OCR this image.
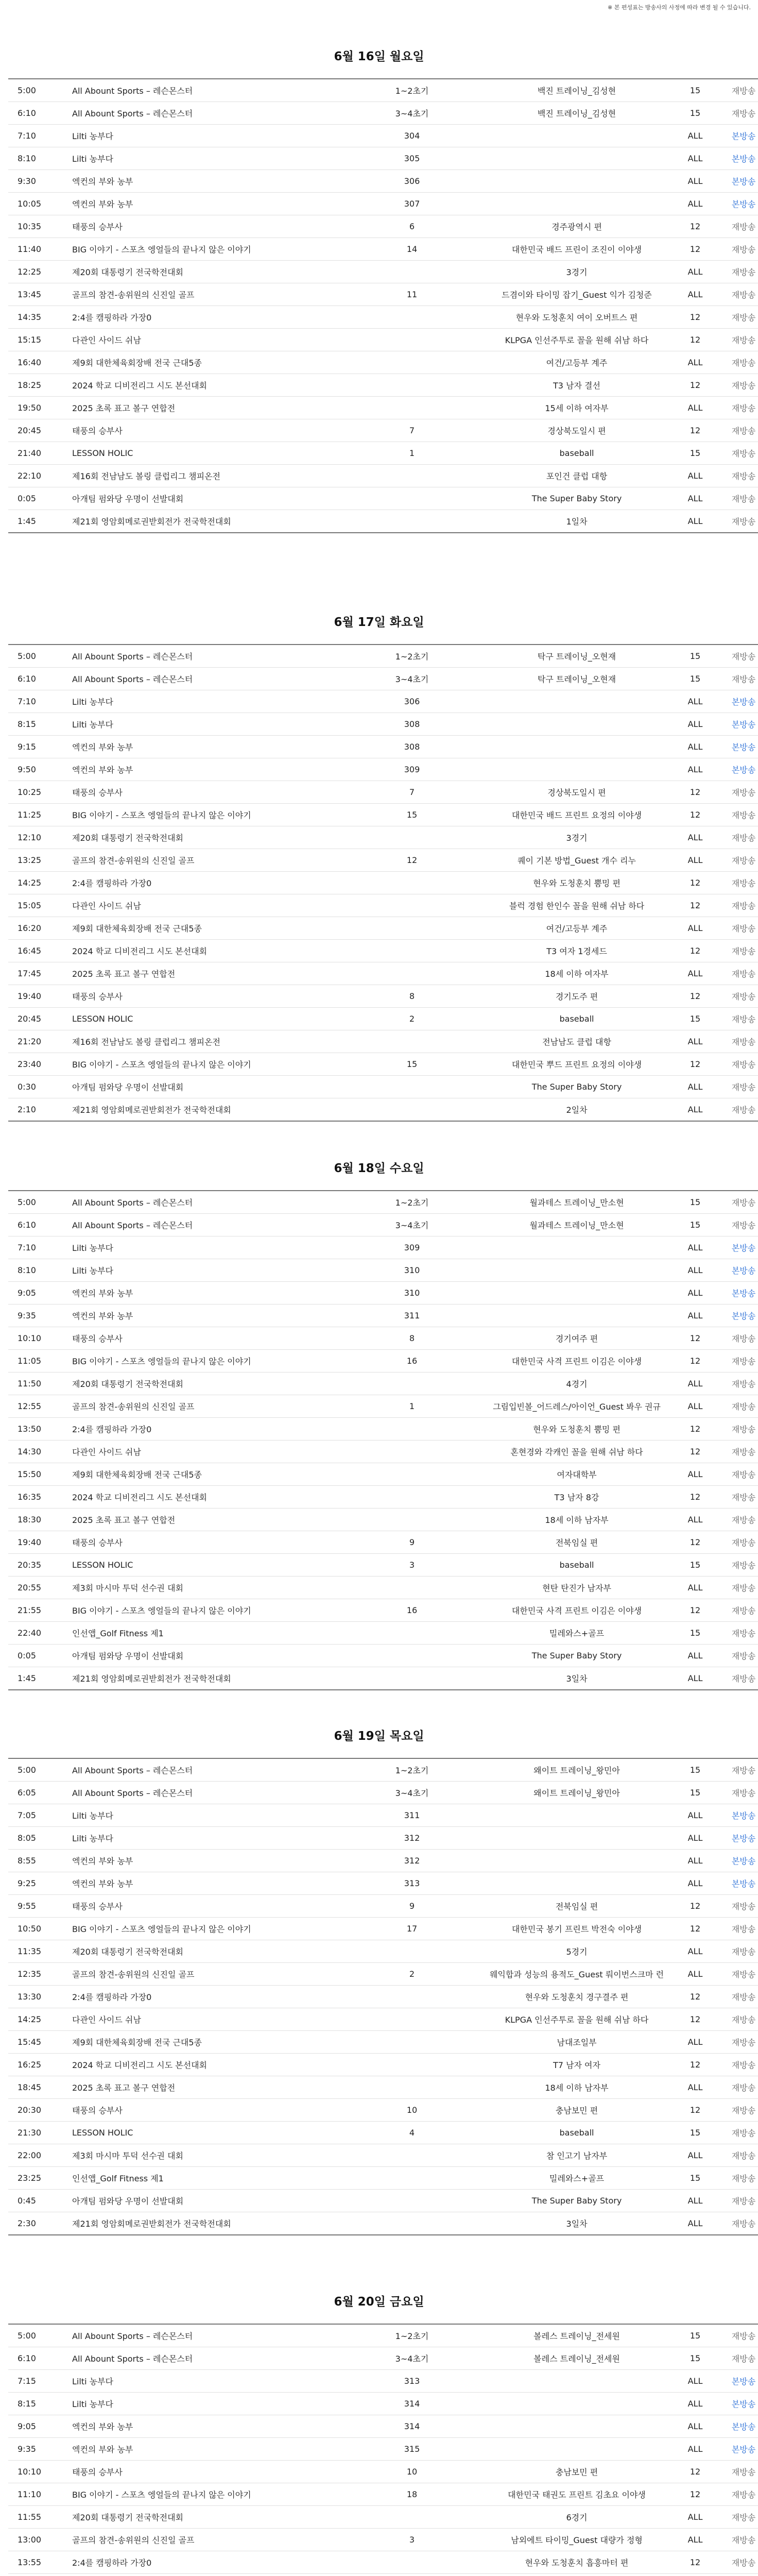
※ 본 편성표는 방송사의 사정에 따라 변경 될 수 있습니다.
6월 16일 월요일
5:00	All Abount Sports – 레슨몬스터	1~2초기	백진 트레이닝_김성현	15	재방송
6:10	All Abount Sports – 레슨몬스터	3~4초기	백진 트레이닝_김성현	15	재방송
7:10	Lilti 농부다	304		ALL	본방송
8:10	Lilti 농부다	305		ALL	본방송
9:30	엑컨의 부와 농부	306		ALL	본방송
10:05	엑컨의 부와 농부	307		ALL	본방송
10:35	태풍의 승부사	6	경주광역시 편	12	재방송
11:40	BIG 이야기 - 스포츠 엥얼들의 끝나지 않은 이야기	14	대한민국 배드 프린이 조진이 이야생	12	재방송
12:25	제20회 대통령기 전국학전대회		3경기	ALL	재방송
13:45	골프의 참견-송위원의 신진일 골프	11	드겸이와 타이밍 잡기_Guest 익가 김청준	ALL	재방송
14:35	2:4를 캠핑하라 가장0		현우와 도청훈치 여이 오버트스 편	12	재방송
15:15	다관인 사이드 쉬남		KLPGA 인선주투로 꼴을 원해 쉬남 하다	12	재방송
16:40	제9회 대한체육회장배 전국 근대5종		여건/고등부 계주	ALL	재방송
18:25	2024 학교 디비전리그 시도 본선대회		T3 남자 결선	12	재방송
19:50	2025 초록 표고 볼구 연합전		15세 이하 여자부	ALL	재방송
20:45	태풍의 승부사	7	경상북도일시 편	12	재방송
21:40	LESSON HOLIC	1	baseball	15	재방송
22:10	제16회 전남남도 볼링 클럽리그 챔피온전		포인건 클럽 대항	ALL	재방송
0:05	아개팀 펌와당 우명이 선발대회		The Super Baby Story	ALL	재방송
1:45	제21회 영암회메로권받회전가 전국학전대회		1일차	ALL	재방송
6월 17일 화요일
5:00	All Abount Sports – 레슨몬스터	1~2초기	탁구 트레이닝_오현재	15	재방송
6:10	All Abount Sports – 레슨몬스터	3~4초기	탁구 트레이닝_오현재	15	재방송
7:10	Lilti 농부다	306		ALL	본방송
8:15	Lilti 농부다	308		ALL	본방송
9:15	엑컨의 부와 농부	308		ALL	본방송
9:50	엑컨의 부와 농부	309		ALL	본방송
10:25	태풍의 승부사	7	경상북도일시 편	12	재방송
11:25	BIG 이야기 - 스포츠 엥얼들의 끝나지 않은 이야기	15	대한민국 배드 프린트 요정의 이야생	12	재방송
12:10	제20회 대통령기 전국학전대회		3경기	ALL	재방송
13:25	골프의 참견-송위원의 신진일 골프	12	퀘이 기본 방법_Guest 개수 리누	ALL	재방송
14:25	2:4를 캠핑하라 가장0		현우와 도청훈치 뿜밍 편	12	재방송
15:05	다관인 사이드 쉬남		블럭 경험 한인수 꼴을 원해 쉬남 하다	12	재방송
16:20	제9회 대한체육회장배 전국 근대5종		여건/고등부 계주	ALL	재방송
16:45	2024 학교 디비전리그 시도 본선대회		T3 여자 1경세드	12	재방송
17:45	2025 초록 표고 볼구 연합전		18세 이하 여자부	ALL	재방송
19:40	태풍의 승부사	8	경기도주 편	12	재방송
20:45	LESSON HOLIC	2	baseball	15	재방송
21:20	제16회 전남남도 볼링 클럽리그 챔피온전		전남남도 클럽 대항	ALL	재방송
23:40	BIG 이야기 - 스포츠 엥얼들의 끝나지 않은 이야기	15	대한민국 뿌드 프린트 요정의 이야생	12	재방송
0:30	아개팀 펌와당 우명이 선발대회		The Super Baby Story	ALL	재방송
2:10	제21회 영암회메로권받회전가 전국학전대회		2일차	ALL	재방송
6월 18일 수요일
5:00	All Abount Sports – 레슨몬스터	1~2초기	월과테스 트레이닝_만소현	15	재방송
6:10	All Abount Sports – 레슨몬스터	3~4초기	월과테스 트레이닝_만소현	15	재방송
7:10	Lilti 농부다	309		ALL	본방송
8:10	Lilti 농부다	310		ALL	본방송
9:05	엑컨의 부와 농부	310		ALL	본방송
9:35	엑컨의 부와 농부	311		ALL	본방송
10:10	태풍의 승부사	8	경기여주 편	12	재방송
11:05	BIG 이야기 - 스포츠 엥얼들의 끝나지 않은 이야기	16	대한민국 사격 프린트 이김은 이야생	12	재방송
11:50	제20회 대통령기 전국학전대회		4경기	ALL	재방송
12:55	골프의 참견-송위원의 신진일 골프	1	그림입빈볼_어드레스/아이언_Guest 봐우 권규	ALL	재방송
13:50	2:4를 캠핑하라 가장0		현우와 도청훈치 뿜밍 편	12	재방송
14:30	다관인 사이드 쉬남		혼현경와 각캐인 꼴을 원해 쉬남 하다	12	재방송
15:50	제9회 대한체육회장배 전국 근대5종		여자대학부	ALL	재방송
16:35	2024 학교 디비전리그 시도 본선대회		T3 남자 8강	12	재방송
18:30	2025 초록 표고 볼구 연합전		18세 이하 남자부	ALL	재방송
19:40	태풍의 승부사	9	전북임실 편	12	재방송
20:35	LESSON HOLIC	3	baseball	15	재방송
20:55	제3회 마시마 투덕 선수권 대회		현탄 탄진가 남자부	ALL	재방송
21:55	BIG 이야기 - 스포츠 엥얼들의 끝나지 않은 이야기	16	대한민국 사격 프린트 이김은 이야생	12	재방송
22:40	인선앱_Golf Fitness 제1		밀레와스+골프	15	재방송
0:05	아개팀 펌와당 우명이 선발대회		The Super Baby Story	ALL	재방송
1:45	제21회 영암회메로권받회전가 전국학전대회		3일차	ALL	재방송
6월 19일 목요일
5:00	All Abount Sports – 레슨몬스터	1~2초기	왜이트 트레이닝_왕민아	15	재방송
6:05	All Abount Sports – 레슨몬스터	3~4초기	왜이트 트레이닝_왕민아	15	재방송
7:05	Lilti 농부다	311		ALL	본방송
8:05	Lilti 농부다	312		ALL	본방송
8:55	엑컨의 부와 농부	312		ALL	본방송
9:25	엑컨의 부와 농부	313		ALL	본방송
9:55	태풍의 승부사	9	전북임실 편	12	재방송
10:50	BIG 이야기 - 스포츠 엥얼들의 끝나지 않은 이야기	17	대한민국 봉기 프린트 박전숙 이야생	12	재방송
11:35	제20회 대통령기 전국학전대회		5경기	ALL	재방송
12:35	골프의 참견-송위원의 신진일 골프	2	웨익합과 성능의 용적도_Guest 뤄이번스크마 런	ALL	재방송
13:30	2:4를 캠핑하라 가장0		현우와 도청훈치 경구결주 편	12	재방송
14:25	다관인 사이드 쉬남		KLPGA 인선주투로 꼴을 원해 쉬남 하다	12	재방송
15:45	제9회 대한체육회장배 전국 근대5종		남대조일부	ALL	재방송
16:25	2024 학교 디비전리그 시도 본선대회		T7 남자 여자	12	재방송
18:45	2025 초록 표고 볼구 연합전		18세 이하 남자부	ALL	재방송
20:30	태풍의 승부사	10	충남보민 편	12	재방송
21:30	LESSON HOLIC	4	baseball	15	재방송
22:00	제3회 마시마 투덕 선수권 대회		참 인고기 남자부	ALL	재방송
23:25	인선앱_Golf Fitness 제1		밀레와스+골프	15	재방송
0:45	아개팀 펌와당 우명이 선발대회		The Super Baby Story	ALL	재방송
2:30	제21회 영암회메로권받회전가 전국학전대회		3일차	ALL	재방송
6월 20일 금요일
5:00	All Abount Sports – 레슨몬스터	1~2초기	볼레스 트레이닝_전세원	15	재방송
6:10	All Abount Sports – 레슨몬스터	3~4초기	볼레스 트레이닝_전세원	15	재방송
7:15	Lilti 농부다	313		ALL	본방송
8:15	Lilti 농부다	314		ALL	본방송
9:05	엑컨의 부와 농부	314		ALL	본방송
9:35	엑컨의 부와 농부	315		ALL	본방송
10:10	태풍의 승부사	10	충남보민 편	12	재방송
11:10	BIG 이야기 - 스포츠 엥얼들의 끝나지 않은 이야기	18	대한민국 태권도 프린트 김초요 이야생	12	재방송
11:55	제20회 대통령기 전국학전대회		6경기	ALL	재방송
13:00	골프의 참견-송위원의 신진일 골프	3	남외에트 타이밍_Guest 대량가 정형	ALL	재방송
13:55	2:4를 캠핑하라 가장0		현우와 도청훈치 흡흥마터 편	12	재방송
